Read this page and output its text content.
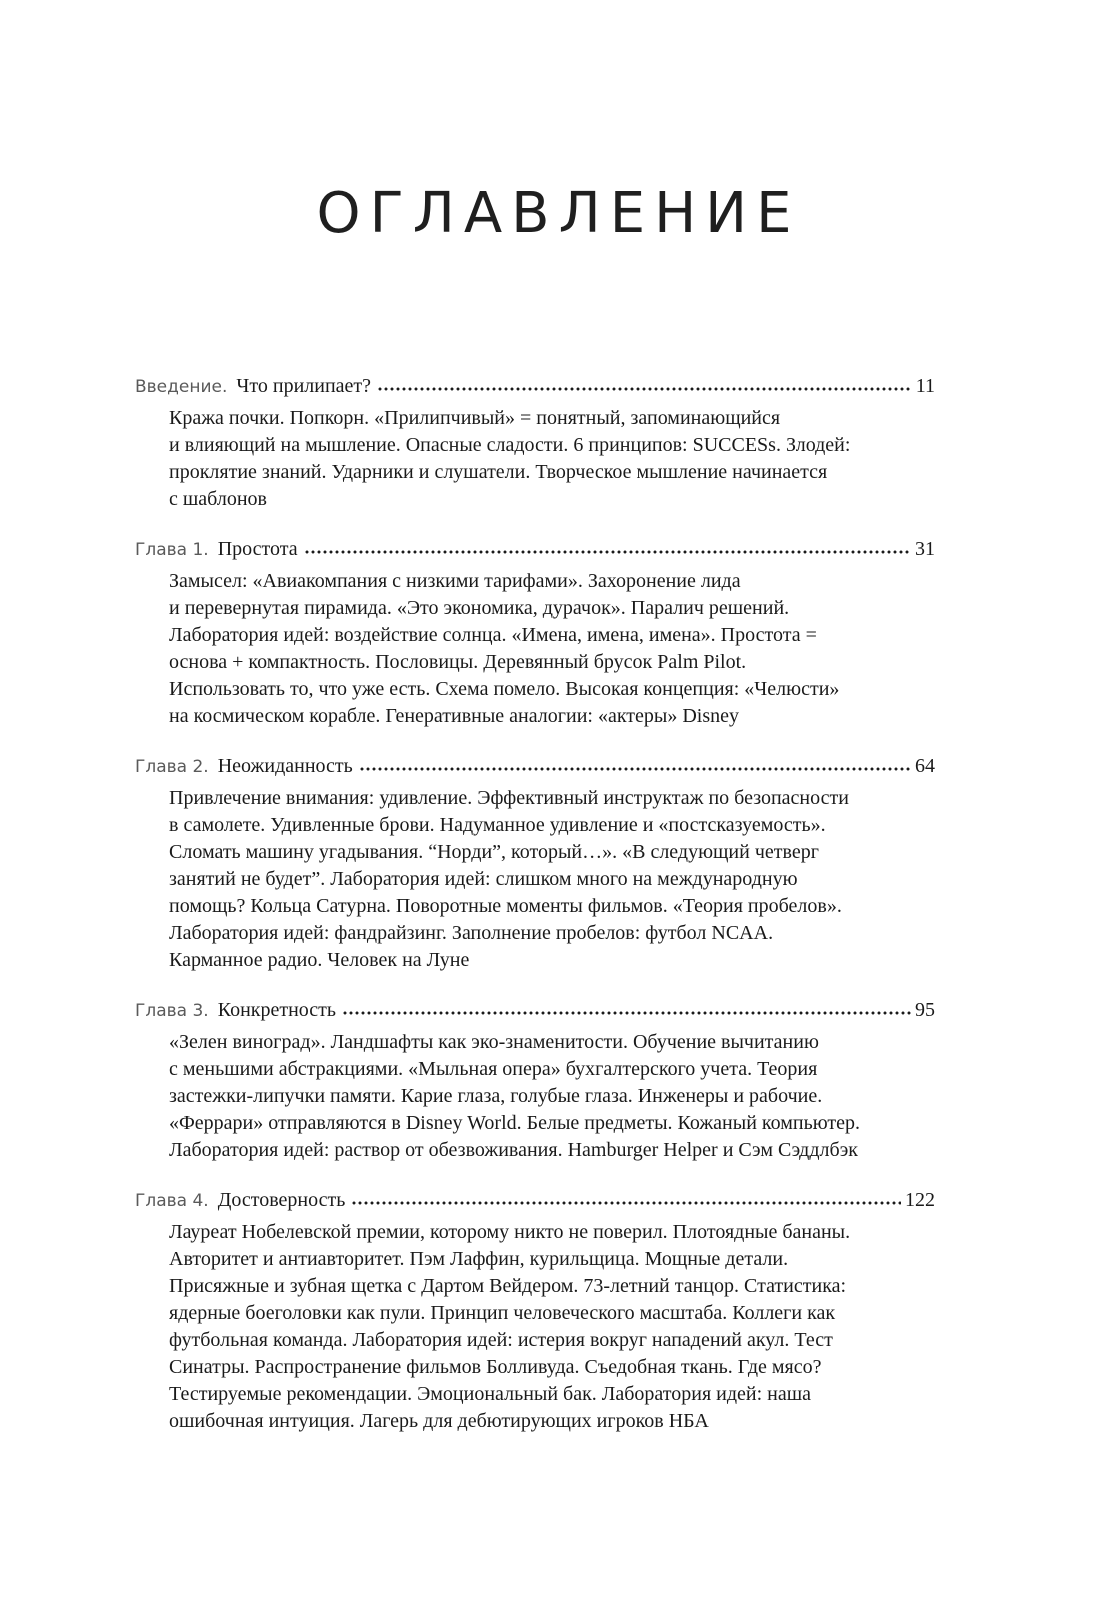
ОГЛАВЛЕНИЕ
Введение. Что прилипает?	11
Кража почки. Попкорн. «Прилипчивый» = понятный, запоминающийся
и влияющий на мышление. Опасные сладости. 6 принципов: SUCCESs. Злодей:
проклятие знаний. Ударники и слушатели. Творческое мышление начинается
с шаблонов
Глава 1. Простота	31
Замысел: «Авиакомпания с низкими тарифами». Захоронение лида
и перевернутая пирамида. «Это экономика, дурачок». Паралич решений.
Лаборатория идей: воздействие солнца. «Имена, имена, имена». Простота =
основа + компактность. Пословицы. Деревянный брусок Palm Pilot.
Использовать то, что уже есть. Схема помело. Высокая концепция: «Челюсти»
на космическом корабле. Генеративные аналогии: «актеры» Disney
Глава 2. Неожиданность	64
Привлечение внимания: удивление. Эффективный инструктаж по безопасности
в самолете. Удивленные брови. Надуманное удивление и «постсказуемость».
Сломать машину угадывания. “Норди”, который…». «В следующий четверг
занятий не будет”. Лаборатория идей: слишком много на международную
помощь? Кольца Сатурна. Поворотные моменты фильмов. «Теория пробелов».
Лаборатория идей: фандрайзинг. Заполнение пробелов: футбол NCAA.
Карманное радио. Человек на Луне
Глава 3. Конкретность	95
«Зелен виноград». Ландшафты как эко-знаменитости. Обучение вычитанию
с меньшими абстракциями. «Мыльная опера» бухгалтерского учета. Теория
застежки-липучки памяти. Карие глаза, голубые глаза. Инженеры и рабочие.
«Феррари» отправляются в Disney World. Белые предметы. Кожаный компьютер.
Лаборатория идей: раствор от обезвоживания. Hamburger Helper и Сэм Сэддлбэк
Глава 4. Достоверность	122
Лауреат Нобелевской премии, которому никто не поверил. Плотоядные бананы.
Авторитет и антиавторитет. Пэм Лаффин, курильщица. Мощные детали.
Присяжные и зубная щетка с Дартом Вейдером. 73-летний танцор. Статистика:
ядерные боеголовки как пули. Принцип человеческого масштаба. Коллеги как
футбольная команда. Лаборатория идей: истерия вокруг нападений акул. Тест
Синатры. Распространение фильмов Болливуда. Съедобная ткань. Где мясо?
Тестируемые рекомендации. Эмоциональный бак. Лаборатория идей: наша
ошибочная интуиция. Лагерь для дебютирующих игроков НБА
